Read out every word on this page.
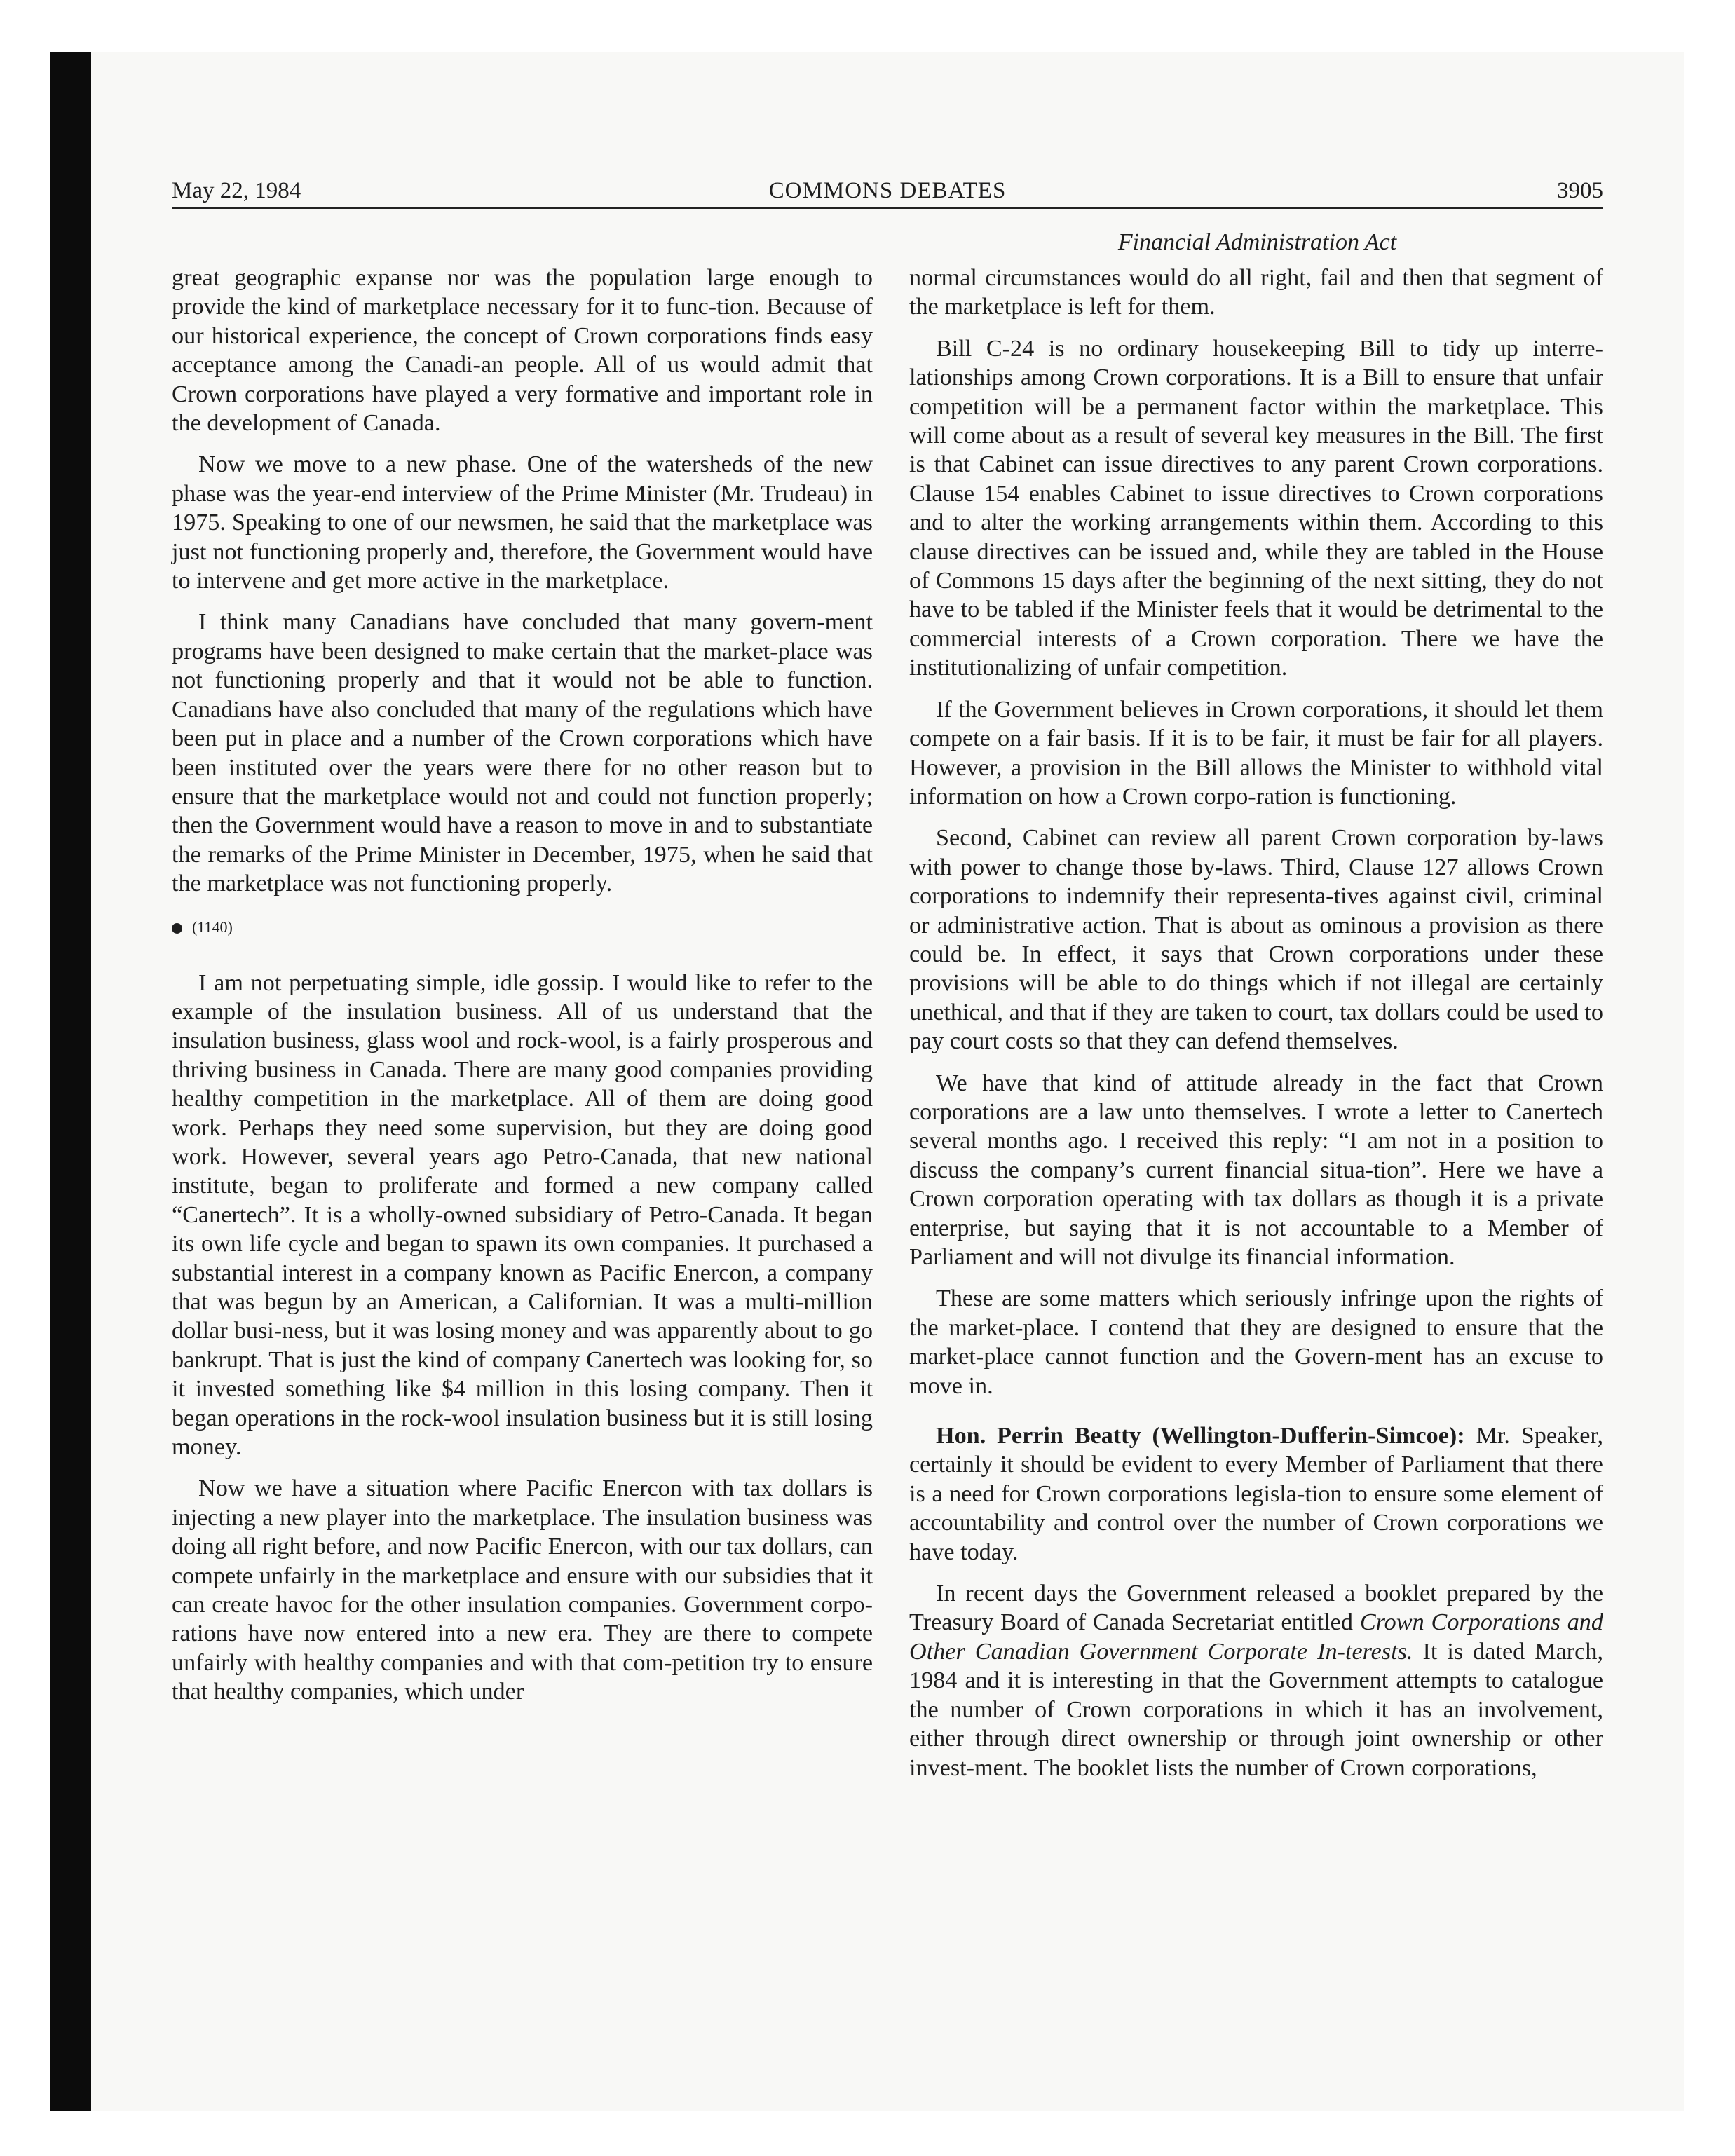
May 22, 1984	COMMONS DEBATES	3905
Financial Administration Act

great geographic expanse nor was the population large enough to provide the kind of marketplace necessary for it to func-tion. Because of our historical experience, the concept of Crown corporations finds easy acceptance among the Canadi-an people. All of us would admit that Crown corporations have played a very formative and important role in the development of Canada.

Now we move to a new phase. One of the watersheds of the new phase was the year-end interview of the Prime Minister (Mr. Trudeau) in 1975. Speaking to one of our newsmen, he said that the marketplace was just not functioning properly and, therefore, the Government would have to intervene and get more active in the marketplace.

I think many Canadians have concluded that many govern-ment programs have been designed to make certain that the market-place was not functioning properly and that it would not be able to function. Canadians have also concluded that many of the regulations which have been put in place and a number of the Crown corporations which have been instituted over the years were there for no other reason but to ensure that the marketplace would not and could not function properly; then the Government would have a reason to move in and to substantiate the remarks of the Prime Minister in December, 1975, when he said that the marketplace was not functioning properly.

(1140)

I am not perpetuating simple, idle gossip. I would like to refer to the example of the insulation business. All of us understand that the insulation business, glass wool and rock-wool, is a fairly prosperous and thriving business in Canada. There are many good companies providing healthy competition in the marketplace. All of them are doing good work. Perhaps they need some supervision, but they are doing good work. However, several years ago Petro-Canada, that new national institute, began to proliferate and formed a new company called “Canertech”. It is a wholly-owned subsidiary of Petro-Canada. It began its own life cycle and began to spawn its own companies. It purchased a substantial interest in a company known as Pacific Enercon, a company that was begun by an American, a Californian. It was a multi-million dollar busi-ness, but it was losing money and was apparently about to go bankrupt. That is just the kind of company Canertech was looking for, so it invested something like $4 million in this losing company. Then it began operations in the rock-wool insulation business but it is still losing money.

Now we have a situation where Pacific Enercon with tax dollars is injecting a new player into the marketplace. The insulation business was doing all right before, and now Pacific Enercon, with our tax dollars, can compete unfairly in the marketplace and ensure with our subsidies that it can create havoc for the other insulation companies. Government corpo-rations have now entered into a new era. They are there to compete unfairly with healthy companies and with that com-petition try to ensure that healthy companies, which under

normal circumstances would do all right, fail and then that segment of the marketplace is left for them.

Bill C-24 is no ordinary housekeeping Bill to tidy up interre-lationships among Crown corporations. It is a Bill to ensure that unfair competition will be a permanent factor within the marketplace. This will come about as a result of several key measures in the Bill. The first is that Cabinet can issue directives to any parent Crown corporations. Clause 154 enables Cabinet to issue directives to Crown corporations and to alter the working arrangements within them. According to this clause directives can be issued and, while they are tabled in the House of Commons 15 days after the beginning of the next sitting, they do not have to be tabled if the Minister feels that it would be detrimental to the commercial interests of a Crown corporation. There we have the institutionalizing of unfair competition.

If the Government believes in Crown corporations, it should let them compete on a fair basis. If it is to be fair, it must be fair for all players. However, a provision in the Bill allows the Minister to withhold vital information on how a Crown corpo-ration is functioning.

Second, Cabinet can review all parent Crown corporation by-laws with power to change those by-laws. Third, Clause 127 allows Crown corporations to indemnify their representa-tives against civil, criminal or administrative action. That is about as ominous a provision as there could be. In effect, it says that Crown corporations under these provisions will be able to do things which if not illegal are certainly unethical, and that if they are taken to court, tax dollars could be used to pay court costs so that they can defend themselves.

We have that kind of attitude already in the fact that Crown corporations are a law unto themselves. I wrote a letter to Canertech several months ago. I received this reply: “I am not in a position to discuss the company’s current financial situa-tion”. Here we have a Crown corporation operating with tax dollars as though it is a private enterprise, but saying that it is not accountable to a Member of Parliament and will not divulge its financial information.

These are some matters which seriously infringe upon the rights of the market-place. I contend that they are designed to ensure that the market-place cannot function and the Govern-ment has an excuse to move in.

Hon. Perrin Beatty (Wellington-Dufferin-Simcoe): Mr. Speaker, certainly it should be evident to every Member of Parliament that there is a need for Crown corporations legisla-tion to ensure some element of accountability and control over the number of Crown corporations we have today.

In recent days the Government released a booklet prepared by the Treasury Board of Canada Secretariat entitled Crown Corporations and Other Canadian Government Corporate In-terests. It is dated March, 1984 and it is interesting in that the Government attempts to catalogue the number of Crown corporations in which it has an involvement, either through direct ownership or through joint ownership or other invest-ment. The booklet lists the number of Crown corporations,
